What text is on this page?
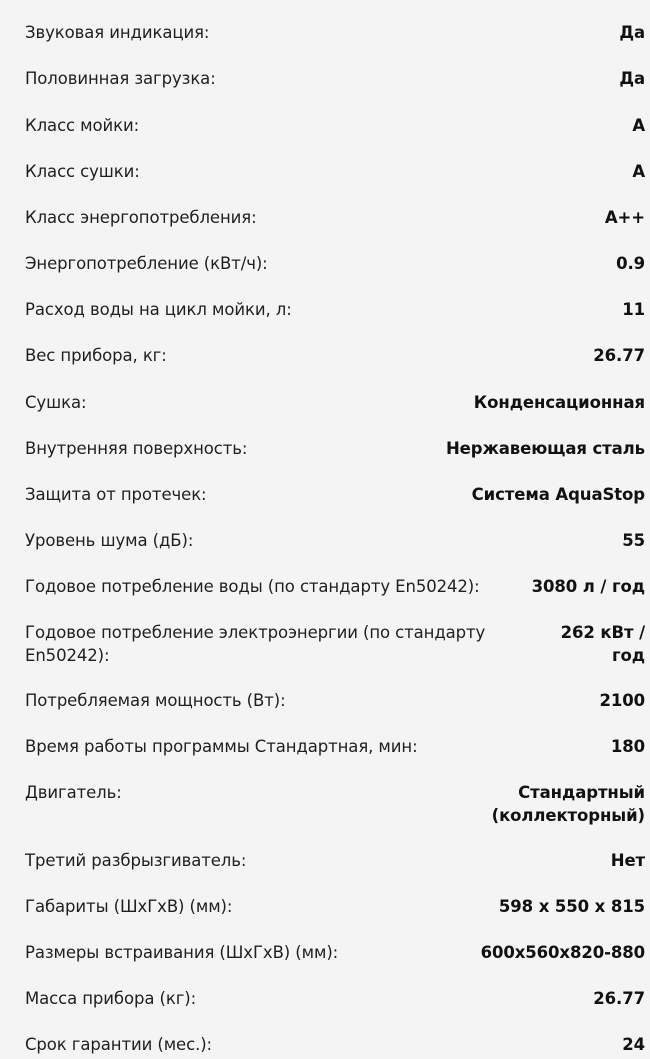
Звуковая индикация:	Да
Половинная загрузка:	Да
Класс мойки:	А
Класс сушки:	А
Класс энергопотребления:	А++
Энергопотребление (кВт/ч):	0.9
Расход воды на цикл мойки, л:	11
Вес прибора, кг:	26.77
Сушка:	Конденсационная
Внутренняя поверхность:	Нержавеющая сталь
Защита от протечек:	Система AquaStop
Уровень шума (дБ):	55
Годовое потребление воды (по стандарту En50242):	3080 л / год
Годовое потребление электроэнергии (по стандарту En50242):
262 кВт / год
Потребляемая мощность (Вт):	2100
Время работы программы Стандартная, мин:	180
Двигатель:	Стандартный (коллекторный)
Третий разбрызгиватель:	Нет
Габариты (ШхГхВ) (мм):	598 x 550 x 815
Размеры встраивания (ШхГхВ) (мм):	600x560x820-880
Масса прибора (кг):	26.77
Срок гарантии (мес.):	24
